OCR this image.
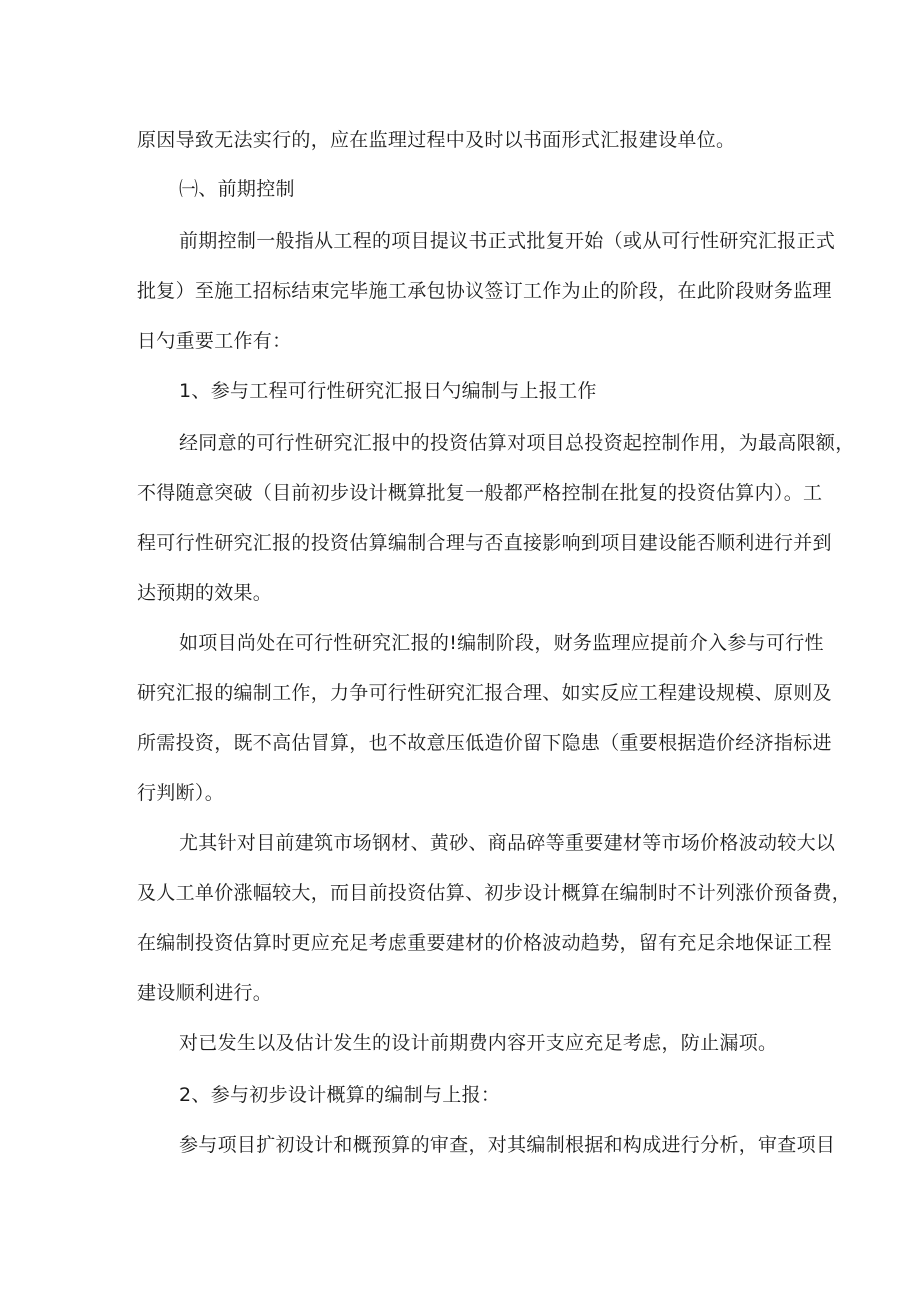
原因导致无法实行的，应在监理过程中及时以书面形式汇报建设单位。
㈠、前期控制
前期控制一般指从工程的项目提议书正式批复开始（或从可行性研究汇报正式
批复）至施工招标结束完毕施工承包协议签订工作为止的阶段，在此阶段财务监理
日勺重要工作有：
1、参与工程可行性研究汇报日勺编制与上报工作
经同意的可行性研究汇报中的投资估算对项目总投资起控制作用，为最高限额，
不得随意突破（目前初步设计概算批复一般都严格控制在批复的投资估算内）。工
程可行性研究汇报的投资估算编制合理与否直接影响到项目建设能否顺利进行并到
达预期的效果。
如项目尚处在可行性研究汇报的!编制阶段，财务监理应提前介入参与可行性
研究汇报的编制工作，力争可行性研究汇报合理、如实反应工程建设规模、原则及
所需投资，既不高估冒算，也不故意压低造价留下隐患（重要根据造价经济指标进
行判断）。
尤其针对目前建筑市场钢材、黄砂、商品碎等重要建材等市场价格波动较大以
及人工单价涨幅较大，而目前投资估算、初步设计概算在编制时不计列涨价预备费，
在编制投资估算时更应充足考虑重要建材的价格波动趋势，留有充足余地保证工程
建设顺利进行。
对已发生以及估计发生的设计前期费内容开支应充足考虑，防止漏项。
2、参与初步设计概算的编制与上报：
参与项目扩初设计和概预算的审查，对其编制根据和构成进行分析，审查项目
